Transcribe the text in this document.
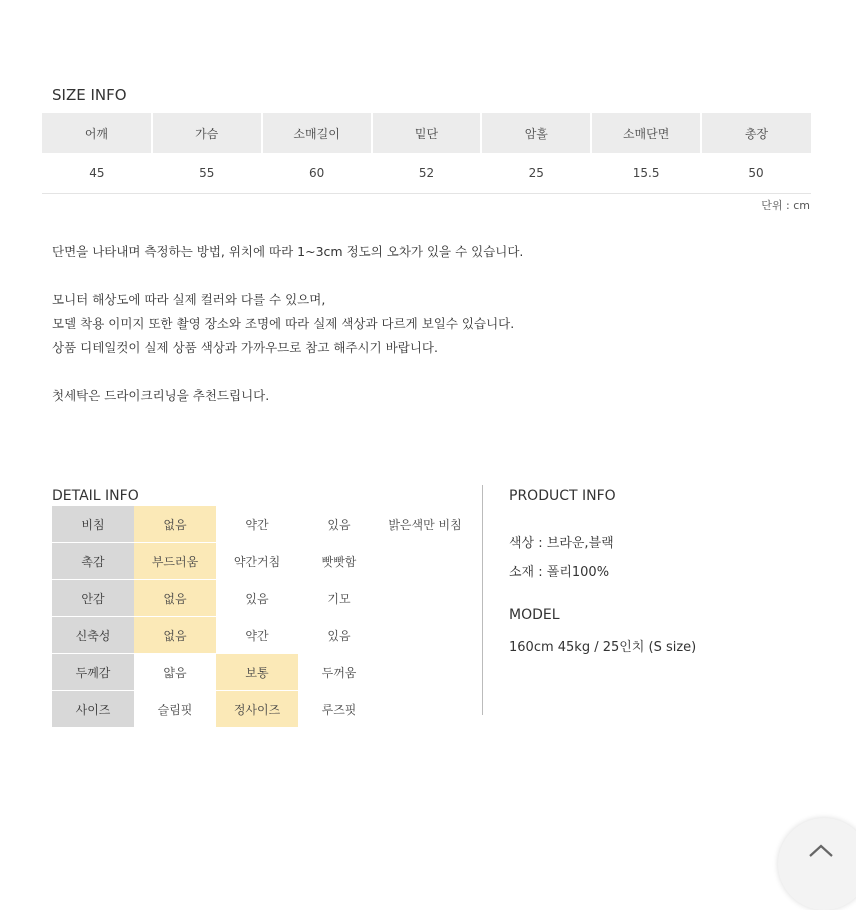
SIZE INFO
어깨	가슴	소매길이	밑단	암홀	소매단면	총장
45	55	60	52	25	15.5	50
단위 : cm

단면을 나타내며 측정하는 방법, 위치에 따라 1~3cm 정도의 오차가 있을 수 있습니다.

모니터 해상도에 따라 실제 컬러와 다를 수 있으며,

모델 착용 이미지 또한 촬영 장소와 조명에 따라 실제 색상과 다르게 보일수 있습니다.

상품 디테일컷이 실제 상품 색상과 가까우므로 참고 해주시기 바랍니다.

첫세탁은 드라이크리닝을 추천드립니다.

DETAIL INFO
비침	없음	약간	있음	밝은색만 비침
촉감	부드러움	약간거침	빳빳함
안감	없음	있음	기모
신축성	없음	약간	있음
두께감	얇음	보통	두꺼움
사이즈	슬림핏	정사이즈	루즈핏
PRODUCT INFO
색상 : 브라운,블랙
소재 : 폴리100%
MODEL
160cm 45kg / 25인치 (S size)
